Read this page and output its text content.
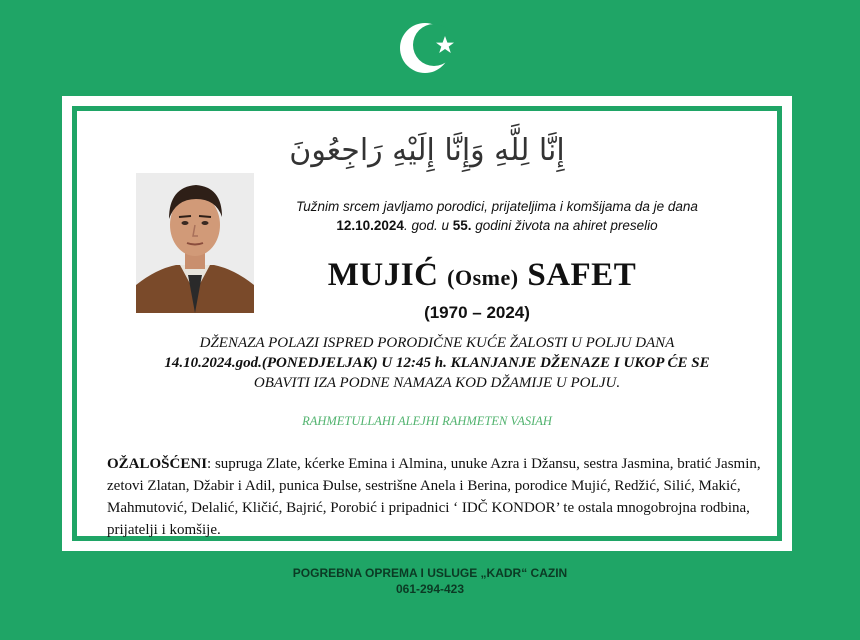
إِنَّا لِلَّهِ وَإِنَّا إِلَيْهِ رَاجِعُونَ
Tužnim srcem javljamo porodici, prijateljima i komšijama da je dana
12.10.2024. god. u 55. godini života na ahiret preselio
MUJIĆ (Osme) SAFET
(1970 – 2024)
DŽENAZA POLAZI ISPRED PORODIČNE KUĆE ŽALOSTI U POLJU DANA
14.10.2024.god.(PONEDJELJAK) U 12:45 h. KLANJANJE DŽENAZE I UKOP ĆE SE
OBAVITI IZA PODNE NAMAZA KOD DŽAMIJE U POLJU.
RAHMETULLAHI ALEJHI RAHMETEN VASIAH
OŽALOŠĆENI: supruga Zlate, kćerke Emina i Almina, unuke Azra i Džansu, sestra Jasmina, bratić Jasmin, zetovi Zlatan, Džabir i Adil, punica Đulse, sestrišne Anela i Berina, porodice Mujić, Redžić, Silić, Makić, Mahmutović, Delalić, Kličić, Bajrić, Porobić i pripadnici ‘ IDČ KONDOR’ te ostala mnogobrojna rodbina, prijatelji i komšije.
POGREBNA OPREMA I USLUGE „KADR“ CAZIN
061-294-423
